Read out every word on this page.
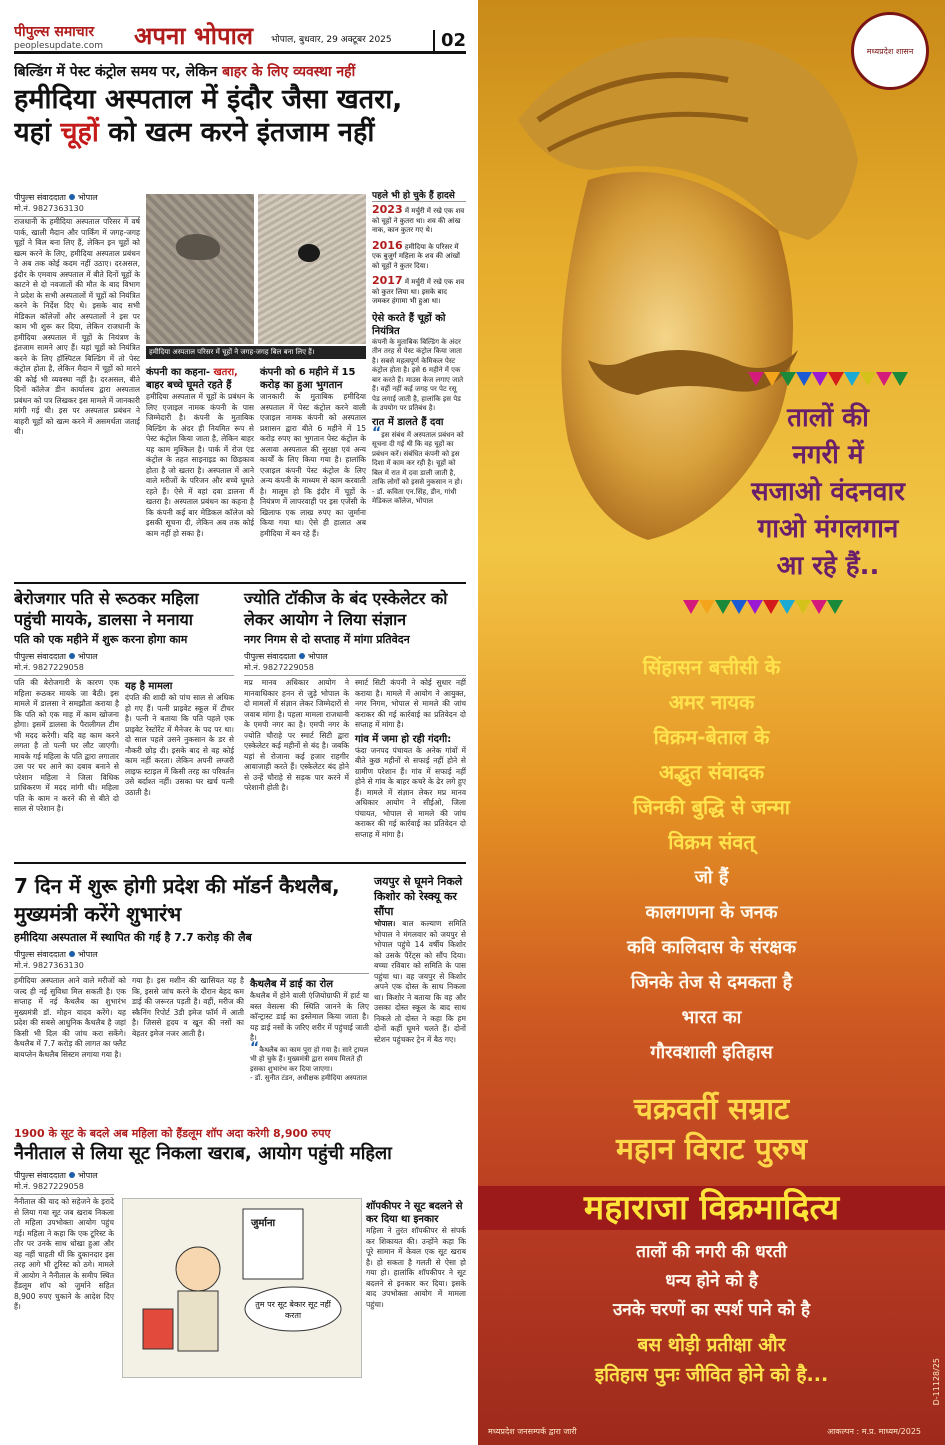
पीपुल्स समाचार
peoplesupdate.com	अपना भोपाल भोपाल, बुधवार, 29 अक्टूबर 2025	02
बिल्डिंग में पेस्ट कंट्रोल समय पर, लेकिन बाहर के लिए व्यवस्था नहीं
हमीदिया अस्पताल में इंदौर जैसा खतरा,
यहां चूहों को खत्म करने इंतजाम नहीं
पीपुल्स संवाददाता भोपाल
मो.नं. 9827363130
राजधानी के हमीदिया अस्पताल परिसर में वर्ष पार्क, खाली मैदान और पार्किंग में जगह-जगह चूहों ने बिल बना लिए हैं, लेकिन इन चूहों को खत्म करने के लिए, हमीदिया अस्पताल प्रबंधन ने अब तक कोई कदम नहीं उठाए। दरअसल, इंदौर के एमवाय अस्पताल में बीते दिनों चूहों के काटने से दो नवजातों की मौत के बाद विभाग ने प्रदेश के सभी अस्पतालों में चूहों को नियंत्रित करने के निर्देश दिए थे। इसके बाद सभी मेडिकल कॉलेजों और अस्पतालों ने इस पर काम भी शुरू कर दिया, लेकिन राजधानी के हमीदिया अस्पताल में चूहों के नियंत्रण के इंतजाम सामने आए हैं। यहां चूहों को नियंत्रित करने के लिए हॉस्पिटल बिल्डिंग में तो पेस्ट कंट्रोल होता है, लेकिन मैदान में चूहों को मारने की कोई भी व्यवस्था नहीं है। दरअसल, बीते दिनों कॉलेज डीन कार्यालय द्वारा अस्पताल प्रबंधन को पत्र लिखकर इस मामले में जानकारी मांगी गई थी। इस पर अस्पताल प्रबंधन ने बाहरी चूहों को खत्म करने में असमर्थता जताई थी।
हमीदिया अस्पताल परिसर में चूहों ने जगह-जगह बिल बना लिए हैं।
कंपनी का कहना- खतरा, बाहर बच्चे घूमते रहते हैं
हमीदिया अस्पताल में चूहों के प्रबंधन के लिए एजाइल नामक कंपनी के पास जिम्मेदारी है। कंपनी के मुताबिक बिल्डिंग के अंदर ही नियमित रूप से पेस्ट कंट्रोल किया जाता है, लेकिन बाहर यह काम मुश्किल है। पार्क में रोज एंड कंट्रोल के तहत साइनाइड का छिड़काव होता है जो खतरा है। अस्पताल में आने वाले मरीजों के परिजन और बच्चे घूमते रहते हैं। ऐसे में वहां दवा डालना मैं खतरा है। अस्पताल प्रबंधन का कहना है कि कंपनी कई बार मेडिकल कॉलेज को इसकी सूचना दी, लेकिन अब तक कोई काम नहीं हो सका है।
कंपनी को 6 महीने में 15 करोड़ का हुआ भुगतान
जानकारी के मुताबिक हमीदिया अस्पताल में पेस्ट कंट्रोल करने वाली एजाइल नामक कंपनी को अस्पताल प्रशासन द्वारा बीते 6 महीने में 15 करोड़ रुपए का भुगतान पेस्ट कंट्रोल के अलावा अस्पताल की सुरक्षा एवं अन्य कार्यों के लिए किया गया है। हालांकि एजाइल कंपनी पेस्ट कंट्रोल के लिए अन्य कंपनी के माध्यम से काम करवाती है। मालूम हो कि इंदौर में चूहों के नियंत्रण में लापरवाही पर इस एजेंसी के खिलाफ एक लाख रुपए का जुर्माना किया गया था। ऐसे ही हालात अब हमीदिया में बन रहे हैं।
पहले भी हो चुके हैं हादसे
2023 में मर्चुरी में रखे एक शव को चूहों ने कुतरा था। शव की आंख नाक, कान कुतर गए थे।
2016 हमीदिया के परिसर में एक बुजुर्ग महिला के शव की आंखों को चूहों ने कुतर दिया।
2017 में मर्चुरी में रखे एक शव को कुतर लिया था। इसके बाद जमकर हंगामा भी हुआ था।
ऐसे करते हैं चूहों को नियंत्रित
कंपनी के मुताबिक बिल्डिंग के अंदर तीन तरह से पेस्ट कंट्रोल किया जाता है। सबसे महत्वपूर्ण केमिकल पेस्ट कंट्रोल होता है। इसे 6 महीने में एक बार करते हैं। माउस केज लगाए जाते हैं। वहीं नहीं कई जगह पर पेट रसू पेड लगाई जाती है, हालांकि इस पेड के उपयोग पर प्रतिबंध है।
रात में डालते हैं दवा
“इस संबंध में अस्पताल प्रबंधन को सूचना दी गई थी कि वह चूहों का प्रबंधन करें। संबंधित कंपनी को इस दिशा में काम कर रही है। चूहों को बिल में रात में दवा डाली जाती है, ताकि लोगों को इससे नुकसान न हो।
- डॉ. कविता एन.सिंह, डीन, गांधी मेडिकल कॉलेज, भोपाल
बेरोजगार पति से रूठकर महिला पहुंची मायके, डालसा ने मनाया
पति को एक महीने में शुरू करना होगा काम
पीपुल्स संवाददाता भोपाल
मो.नं. 9827229058
पति की बेरोजगारी के कारण एक महिला रूठकर मायके जा बैठी। इस मामले में डालसा ने समझौता कराया है कि पति को एक माह में काम खोजना होगा। इसमें डालसा के पैरालीगल टीम भी मदद करेगी। यदि वह काम करने लगता है तो पत्नी घर लौट जाएगी। मायके गई महिला के पति द्वारा लगातार उस पर घर आने का दबाव बनाने से परेशान महिला ने जिला विधिक प्राधिकरण में मदद मांगी थी। महिला पति के काम न करने की से बीते दो साल से परेशान है।
यह है मामला
दंपति की शादी को पांच साल से अधिक हो गए हैं। पत्नी प्राइवेट स्कूल में टीचर है। पत्नी ने बताया कि पति पहले एक प्राइवेट रेस्टोरेंट में मैनेजर के पद पर था। दो साल पहले उसने नुकसान के डर से नौकरी छोड़ दी। इसके बाद से वह कोई काम नहीं करता। लेकिन अपनी लग्जरी लाइफ स्टाइल में किसी तरह का परिवर्तन उसे बर्दाश्त नहीं। उसका घर खर्च पत्नी उठाती है।
ज्योति टॉकीज के बंद एस्केलेटर को लेकर आयोग ने लिया संज्ञान
नगर निगम से दो सप्ताह में मांगा प्रतिवेदन
पीपुल्स संवाददाता भोपाल
मो.नं. 9827229058
मप्र मानव अधिकार आयोग ने मानवाधिकार हनन से जुड़े भोपाल के दो मामलों में संज्ञान लेकर जिम्मेदारों से जवाब मांगा है। पहला मामला राजधानी के एमपी नगर का है। एमपी नगर के ज्योति चौराहे पर स्मार्ट सिटी द्वारा एस्केलेटर कई महीनों से बंद है। जबकि यहां से रोजाना कई हजार राहगीर आवाजाही करते हैं। एस्केलेटर बंद होने से उन्हें चौराहे से सड़क पार करने में परेशानी होती है।
स्मार्ट सिटी कंपनी ने कोई सुधार नहीं कराया है। मामले में आयोग ने आयुक्त, नगर निगम, भोपाल से मामले की जांच कराकर की गई कार्रवाई का प्रतिवेदन दो सप्ताह में मांगा है।
गांव में जमा हो रही गंदगी:
फंदा जनपद पंचायत के अनेक गांवों में बीते कुछ महीनों से सफाई नहीं होने से ग्रामीण परेशान हैं। गांव में सफाई नहीं होने से गांव के बाहर कचरे के ढेर लगे हुए हैं। मामले में संज्ञान लेकर मप्र मानव अधिकार आयोग ने सीईओ, जिला पंचायत, भोपाल से मामले की जांच कराकर की गई कार्रवाई का प्रतिवेदन दो सप्ताह में मांगा है।
7 दिन में शुरू होगी प्रदेश की मॉडर्न कैथलैब, मुख्यमंत्री करेंगे शुभारंभ
हमीदिया अस्पताल में स्थापित की गई है 7.7 करोड़ की लैब
पीपुल्स संवाददाता भोपाल
मो.नं. 9827363130
हमीदिया अस्पताल आने वाले मरीजों को जल्द ही नई सुविधा मिल सकती है। एक सप्ताह में नई कैथलैब का शुभारंभ मुख्यमंत्री डॉ. मोहन यादव करेंगे। यह प्रदेश की सबसे आधुनिक कैथलैब है जहां किसी भी दिल की जांच करा सकेंगे। कैथलैब में 7.7 करोड़ की लागत का फ्लैट बायप्लेन कैथलैब सिस्टम लगाया गया है।
गया है। इस मशीन की खासियत यह है कि, इससे जांच करने के दौरान बेहद कम डाई की जरूरत पड़ती है। वहीं, मरीज की स्कैनिंग रिपोर्ट 3डी इमेज फॉर्म में आती है। जिससे हृदय व खून की नसों का बेहतर इमेज नजर आती है।
कैथलैब में डाई का रोल
कैथलैब में होने वाली एंजियोग्राफी में हार्ट या बस्त वेसल्स की स्थिति जानने के लिए कॉन्ट्रास्ट डाई का इस्तेमाल किया जाता है। यह डाई नसों के जरिए शरीर में पहुंचाई जाती है।
“कैथलैब का काम पूरा हो गया है। सारे ट्रायल भी हो चुके हैं। मुख्यमंत्री द्वारा समय मिलते ही इसका शुभारंभ कर दिया जाएगा।
- डॉ. सुनीत टंडन, अधीक्षक हमीदिया अस्पताल
जयपुर से घूमने निकले किशोर को रेस्क्यू कर सौंपा
भोपाल। बाल कल्याण समिति भोपाल ने मंगलवार को जयपुर से भोपाल पहुंचे 14 वर्षीय किशोर को उसके पैरेंट्स को सौंप दिया। बच्चा रविवार को समिति के पास पहुंचा था। वह जयपुर से किशोर अपने एक दोस्त के साथ निकला था। किशोर ने बताया कि वह और उसका दोस्त स्कूल के बाद साथ निकले तो दोस्त ने कहा कि हम दोनों कहीं घूमने चलते हैं। दोनों स्टेशन पहुंचकर ट्रेन में बैठ गए।
1900 के सूट के बदले अब महिला को हैंडलूम शॉप अदा करेगी 8,900 रुपए
नैनीताल से लिया सूट निकला खराब, आयोग पहुंची महिला
पीपुल्स संवाददाता भोपाल
मो.नं. 9827229058
नैनीताल की याद को सहेजने के इरादे से लिया गया सूट जब खराब निकला तो महिला उपभोक्ता आयोग पहुंच गई। महिला ने कहा कि एक टूरिस्ट के तौर पर उनके साथ धोखा हुआ और वह नहीं चाहती थीं कि दुकानदार इस तरह आगे भी टूरिस्ट को ठगे। मामले में आयोग ने नैनीताल के समीप स्थित हैंडलूम शॉप को जुर्माने सहित 8,900 रुपए चुकाने के आदेश दिए हैं।
जुर्माना
तुम पर सूट बेकार सूट नहीं करता
शॉपकीपर ने सूट बदलने से कर दिया था इनकार
महिला ने तुरंत शॉपकीपर से संपर्क कर शिकायत की। उन्होंने कहा कि पूरे सामान में केवल एक सूट खराब है। हो सकता है गलती से ऐसा हो गया हो। हालांकि शॉपकीपर ने सूट बदलने से इनकार कर दिया। इसके बाद उपभोक्ता आयोग में मामला पहुंचा।
मध्यप्रदेश शासन
तालों की
नगरी में
सजाओ वंदनवार
गाओ मंगलगान
आ रहे हैं..
सिंहासन बत्तीसी के
अमर नायक
विक्रम-बेताल के
अद्भुत संवादक
जिनकी बुद्धि से जन्मा
विक्रम संवत्
जो हैं
कालगणना के जनक
कवि कालिदास के संरक्षक
जिनके तेज से दमकता है
भारत का
गौरवशाली इतिहास
चक्रवर्ती सम्राट
महान विराट पुरुष
महाराजा विक्रमादित्य
तालों की नगरी की धरती
धन्य होने को है
उनके चरणों का स्पर्श पाने को है
बस थोड़ी प्रतीक्षा और
इतिहास पुनः जीवित होने को है...
मध्यप्रदेश जनसम्पर्क द्वारा जारी	आकल्पन : म.प्र. माध्यम/2025
D-11128/25
